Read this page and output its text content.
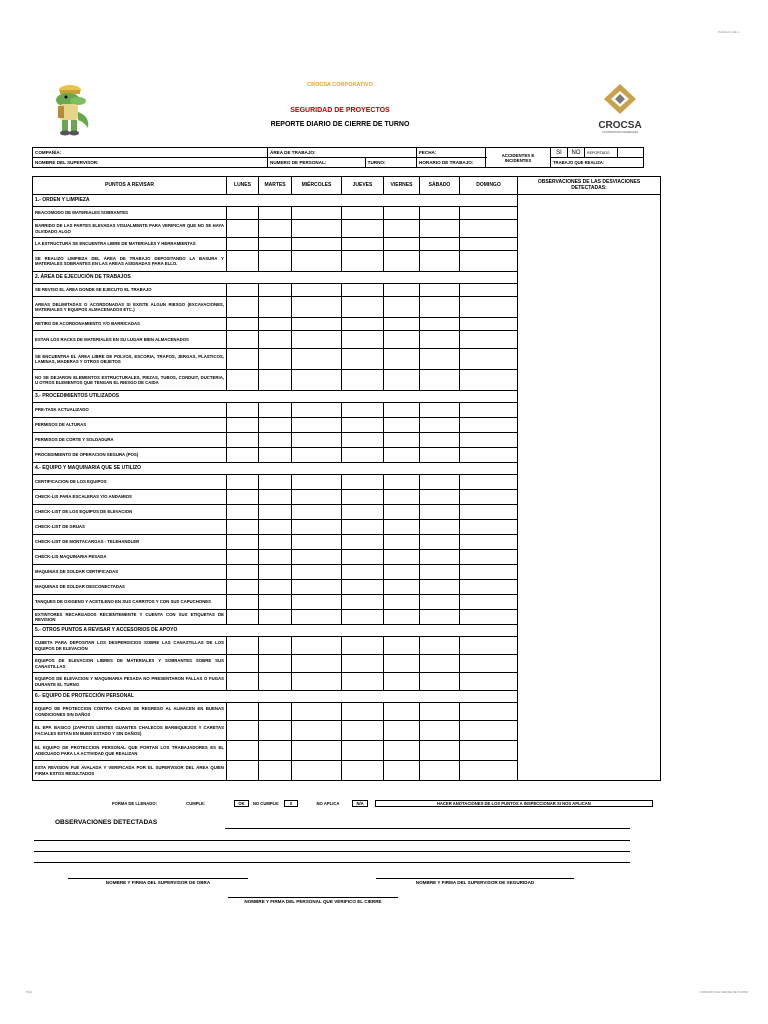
PÁGINA 1 DE 1
CROCSA CORPORATIVO
SEGURIDAD DE PROYECTOS
REPORTE DIARIO DE CIERRE DE TURNO	CROCSA
CONTRATISTAS GENERALES
COMPAÑÍA:	ÁREA DE TRABAJO:		FECHA:	ACCIDENTES E INCIDENTES	SI	NO	REPORTADO	
NOMBRE DEL SUPERVISOR:	NUMERO DE PERSONAL:	TURNO:	HORARIO DE TRABAJO:		TRABAJO QUE REALIZA:			
PUNTOS A REVISAR	LUNES	MARTES	MIÉRCOLES	JUEVES	VIERNES	SÁBADO	DOMINGO	OBSERVACIONES DE LAS DESVIACIONES DETECTADAS:
1.- ORDEN Y LIMPIEZA								
REACOMODO DE MATERIALES SOBRANTES								
BARRIDO DE LAS PARTES ELEVADAS VISUALMENTE PARA VERIFICAR QUE NO SE HAYA OLVIDADO ALGO								
LA ESTRUCTURA SE ENCUENTRA LIBRE DE MATERIALES Y HERRAMIENTAS								
SE REALIZO LIMPIEZA DEL ÁREA DE TRABAJO DEPOSITANDO LA BASURA Y MATERIALES SOBRANTES EN LAS AREAS ASIGNADAS PARA ELLO.								
2. ÁREA DE EJECUCIÓN DE TRABAJOS								
SE REVISO EL ÁREA DONDE SE EJECUTO EL TRABAJO								
AREAS DELIMITADAS O ACORDONADAS SI EXISTE ALGUN RIESGO (EXCAVACIONES, MATERIALES Y EQUIPOS ALMACENADOS ETC.)								
RETIRO DE ACORDONAMIENTO Y/O BARRICADAS								
ESTAN LOS RACKS DE MATERIALES EN SU LUGAR BIEN ALMACENADOS								
SE ENCUENTRA EL ÁREA LIBRE DE POLVOS, ESCORIA, TRAPOS, JERGAS, PLASTICOS, LAMINAS, MADERAS Y OTROS OBJETOS								
NO SE DEJARON ELEMENTOS ESTRUCTURALES, PIEZAS, TUBOS, CONDUIT, DUCTERIA, U OTROS ELEMENTOS QUE TENGAN EL RIESGO DE CAIDA								
3.- PROCEDIMIENTOS UTILIZADOS								
PRE-TASK ACTUALIZADO								
PERMISOS DE ALTURAS								
PERMISOS DE CORTE Y SOLDADURA								
PROCEDIMIENTO DE OPERACION SEGURA (POS)								
4.- EQUIPO Y MAQUINARIA QUE SE UTILIZO								
CERTIFICACION DE LOS EQUIPOS								
CHECK-LIS PARA ESCALERAS Y/O ANDAMIOS								
CHECK-LIST DE LOS EQUIPOS DE ELEVACION								
CHECK-LIST DE GRUAS								
CHECK-LIST DE MONTACARGAS - TELEHANDLER								
CHECK-LIS MAQUINARIA PESADA								
MAQUINAS DE SOLDAR CERTIFICADAS								
MAQUINAS DE SOLDAR DESCONECTADAS								
TANQUES DE OXIGENO Y ACETILENO EN SUS CARRITOS Y CON SUS CAPUCHONES								
EXTINTORES RECARGADOS RECIENTEMENTE Y CUENTA CON SUS ETIQUETAS DE REVISION								
5.- OTROS PUNTOS A REVISAR Y ACCESORIOS DE APOYO								
CUBETA PARA DEPOSITAR LOS DESPERDICIOS SOBRE LAS CANASTILLAS DE LOS EQUIPOS DE ELEVACIÓN								
EQUIPOS DE ELEVACION LIBRES DE MATERIALES Y SOBRANTES SOBRE SUS CANASTILLAS								
EQUIPOS DE ELEVACION Y MAQUINARIA PESADA NO PRESENTARON FALLAS O FUGAS DURANTE EL TURNO								
6.- EQUIPO DE PROTECCIÓN PERSONAL								
EQUIPO DE PROTECCION CONTRA CAIDAS SE REGRESO AL ALMACEN EN BUENAS CONDICIONES SIN DAÑOS								
EL EPP. BASICO (ZAPATOS LENTES GUANTES CHALECOS BARBIQUEJOS Y CARETAS FACIALES ESTAN EN BUEN ESTADO Y SIN DAÑOS)								
EL EQUIPO DE PROTECCION PERSONAL QUE PORTAN LOS TRABAJADORES ES EL ADECUADO PARA LA ACTIVIDAD QUE REALIZAN								
ESTA REVISION FUE AVALADA Y VERIFICADA POR EL SUPERVISOR DEL ÁREA QUIEN FIRMA ESTOS RESULTADOS								
FORMA DE LLENADO:	CUMPLE:	OK NO CUMPLE: X	NO APLICA	N/A	HACER ANOTACIONES DE LOS PUNTOS A INSPECCIONAR SI NOS APLICAN
OBSERVACIONES DETECTADAS
NOMBRE Y FIRMA DEL SUPERVISOR DE OBRA	NOMBRE Y FIRMA DEL SUPERVISOR DE SEGURIDAD
NOMBRE Y FIRMA DEL PERSONAL QUE VERIFICO EL CIERRE
PÁG	FORMATO DE CIERRE DE TURNO
